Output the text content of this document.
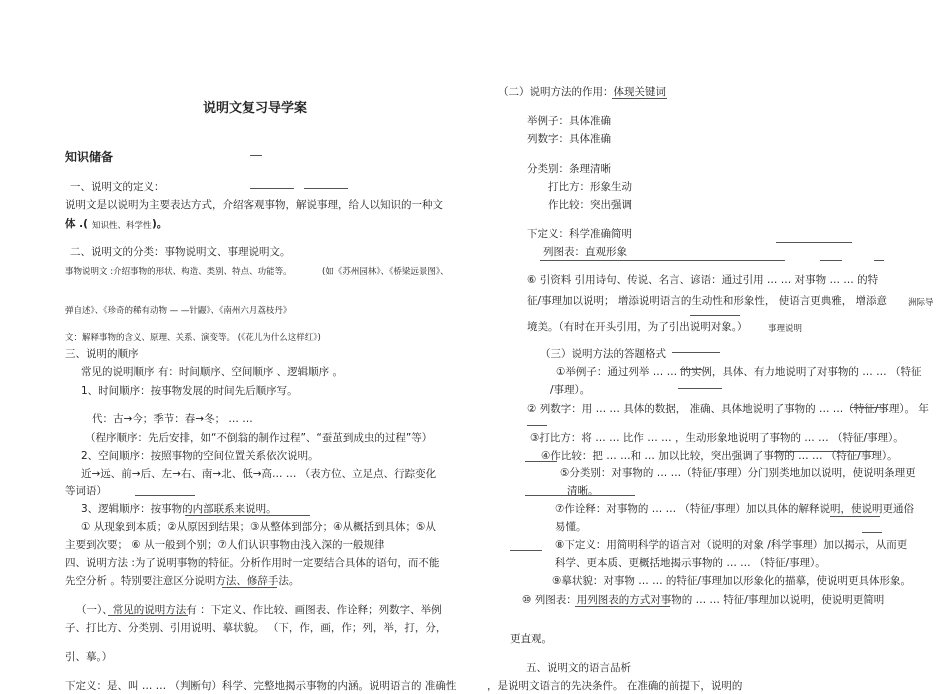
说明文复习导学案
知识储备
一、说明文的定义：
说明文是以说明为主要表达方式，介绍客观事物，解说事理，给人以知识的一种文
体 .( 知识性、科学性 )。
二、说明文的分类：事物说明文、事理说明文。
事物说明文 :介绍事物的形状、构造、类别、特点、功能等。	(如《苏州园林》、《桥梁远景图》、
弹自述》、《珍奇的稀有动物 — —针鼹》、《南州六月荔枝丹》
文：解释事物的含义、原理、关系、演变等。 (《花儿为什么这样红》)
三、说明的顺序
常见的说明顺序 有：时间顺序、空间顺序 、逻辑顺序 。
1、时间顺序：按事物发展的时间先后顺序写。
代：古→今；季节：春→冬； … …
（程序顺序：先后安排，如“不倒翁的制作过程”、“蚕茧到成虫的过程”等）
2、空间顺序：按照事物的空间位置关系依次说明。
近→远、前→后、左→右、南→北、低→高… … （表方位、立足点、行踪变化
等词语）
3、逻辑顺序：按事物的内部联系来说明。
① 从现象到本质；②从原因到结果；③从整体到部分；④从概括到具体；⑤从
主要到次要； ⑥ 从一般到个别；⑦人们认识事物由浅入深的一般规律
四、说明方法 :为了说明事物的特征。分析作用时一定要结合具体的语句，而不能
先空分析 。特别要注意区分说明方法、修辞手法。
（一）、常见的说明方法有 ：下定义、作比较、画图表、作诠释；列数字、举例
子、打比方、分类别、引用说明、摹状貌。 （下，作，画，作；列，举，打，分，
引、摹。）
下定义：是、叫 … … （判断句）科学、完整地揭示事物的内涵。说明语言的 准确性
（二）说明方法的作用：体现关键词
举例子：具体准确
列数字：具体准确
分类别：条理清晰
打比方：形象生动
作比较：突出强调
下定义：科学准确简明
列图表：直观形象
⑥ 引资料 引用诗句、传说、名言、谚语：通过引用 … … 对事物 … … 的特
征/事理加以说明； 增添说明语言的生动性和形象性， 使语言更典雅， 增添意 洲际导
境美。（有时在开头引用，为了引出说明对象。） 事理说明
（三）说明方法的答题格式
①举例子：通过列举 … … 的实例，具体、有力地说明了对事物的 … … （特征
/事理）。
② 列数字：用 … … 具体的数据， 准确、具体地说明了事物的 … …（特征/事理）。 年
③打比方：将 … … 比作 … … ，生动形象地说明了事物的 … … （特征/事理）。
④作比较：把 … …和 … 加以比较，突出强调了事物的 … … （特征/事理）。
⑤分类别：对事物的 … …（特征/事理）分门别类地加以说明，使说明条理更
清晰。
⑦作诠释：对事物的 … … （特征/事理）加以具体的解释说明，使说明更通俗
易懂。
⑧下定义：用简明科学的语言对（说明的对象 /科学事理）加以揭示，从而更
科学、更本质、更概括地揭示事物的 … … （特征/事理）。
⑨摹状貌：对事物 … … 的特征/事理加以形象化的描摹，使说明更具体形象。
⑩ 列图表：用列图表的方式对事物的 … … 特征/事理加以说明，使说明更简明
更直观。
五、说明文的语言品析
，是说明文语言的先决条件。 在准确的前提下，说明的
